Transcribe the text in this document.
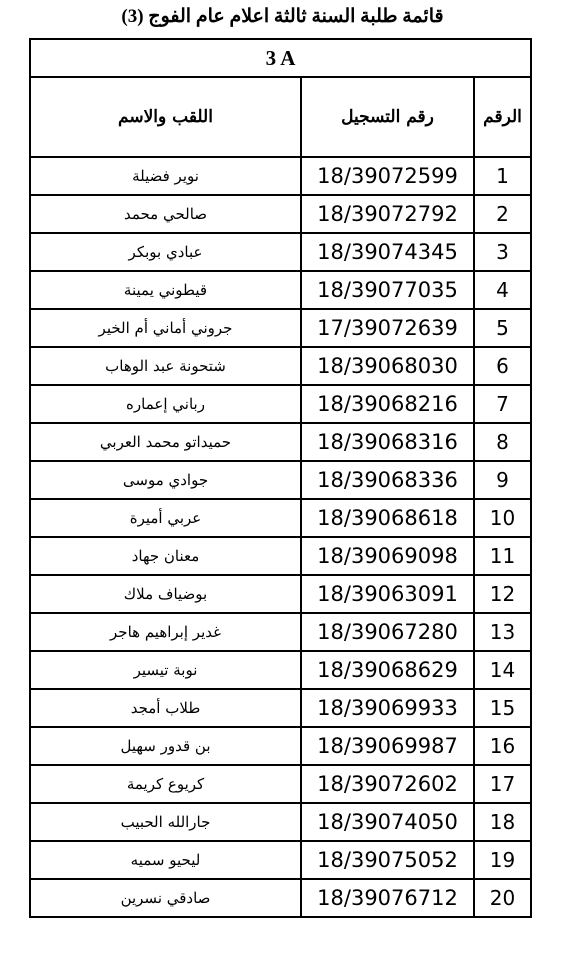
قائمة طلبة السنة ثالثة اعلام عام الفوج (3)
3 A		
اللقب والاسم	رقم التسجيل	الرقم
نوير فضيلة	18/39072599	1
صالحي محمد	18/39072792	2
عبادي بوبكر	18/39074345	3
قيطوني يمينة	18/39077035	4
جروني أماني أم الخير	17/39072639	5
شتحونة عبد الوهاب	18/39068030	6
رباني إعماره	18/39068216	7
حميداتو محمد العربي	18/39068316	8
جوادي موسى	18/39068336	9
عربي أميرة	18/39068618	10
معنان جهاد	18/39069098	11
بوضياف ملاك	18/39063091	12
غدير إبراهيم هاجر	18/39067280	13
نوبة تيسير	18/39068629	14
طلاب أمجد	18/39069933	15
بن قدور سهيل	18/39069987	16
كريوع كريمة	18/39072602	17
جارالله الحبيب	18/39074050	18
ليحيو سميه	18/39075052	19
صادقي نسرين	18/39076712	20
